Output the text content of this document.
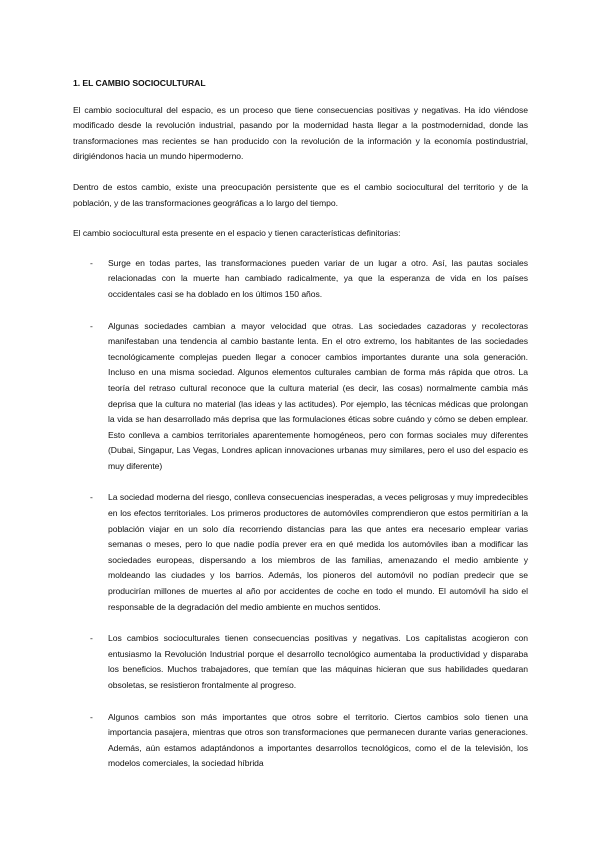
1. EL CAMBIO SOCIOCULTURAL

El cambio sociocultural del espacio, es un proceso que tiene consecuencias positivas y negativas. Ha ido viéndose modificado desde la revolución industrial, pasando por la modernidad hasta llegar a la postmodernidad, donde las transformaciones mas recientes se han producido con la revolución de la información y la economía postindustrial, dirigiéndonos hacia un mundo hipermoderno.

Dentro de estos cambio, existe una preocupación persistente que es el cambio sociocultural del territorio y de la población, y de las transformaciones geográficas a lo largo del tiempo.

El cambio sociocultural esta presente en el espacio y tienen características definitorias:

- Surge en todas partes, las transformaciones pueden variar de un lugar a otro. Así, las pautas sociales relacionadas con la muerte han cambiado radicalmente, ya que la esperanza de vida en los países occidentales casi se ha doblado en los últimos 150 años.
- Algunas sociedades cambian a mayor velocidad que otras. Las sociedades cazadoras y recolectoras manifestaban una tendencia al cambio bastante lenta. En el otro extremo, los habitantes de las sociedades tecnológicamente complejas pueden llegar a conocer cambios importantes durante una sola generación. Incluso en una misma sociedad. Algunos elementos culturales cambian de forma más rápida que otros. La teoría del retraso cultural reconoce que la cultura material (es decir, las cosas) normalmente cambia más deprisa que la cultura no material (las ideas y las actitudes). Por ejemplo, las técnicas médicas que prolongan la vida se han desarrollado más deprisa que las formulaciones éticas sobre cuándo y cómo se deben emplear. Esto conlleva a cambios territoriales aparentemente homogéneos, pero con formas sociales muy diferentes (Dubai, Singapur, Las Vegas, Londres aplican innovaciones urbanas muy similares, pero el uso del espacio es muy diferente)
- La sociedad moderna del riesgo, conlleva consecuencias inesperadas, a veces peligrosas y muy impredecibles en los efectos territoriales. Los primeros productores de automóviles comprendieron que estos permitirían a la población viajar en un solo día recorriendo distancias para las que antes era necesario emplear varias semanas o meses, pero lo que nadie podía prever era en qué medida los automóviles iban a modificar las sociedades europeas, dispersando a los miembros de las familias, amenazando el medio ambiente y moldeando las ciudades y los barrios. Además, los pioneros del automóvil no podían predecir que se producirían millones de muertes al año por accidentes de coche en todo el mundo. El automóvil ha sido el responsable de la degradación del medio ambiente en muchos sentidos.
- Los cambios socioculturales tienen consecuencias positivas y negativas. Los capitalistas acogieron con entusiasmo la Revolución Industrial porque el desarrollo tecnológico aumentaba la productividad y disparaba los beneficios. Muchos trabajadores, que temían que las máquinas hicieran que sus habilidades quedaran obsoletas, se resistieron frontalmente al progreso.
- Algunos cambios son más importantes que otros sobre el territorio. Ciertos cambios solo tienen una importancia pasajera, mientras que otros son transformaciones que permanecen durante varias generaciones. Además, aún estamos adaptándonos a importantes desarrollos tecnológicos, como el de la televisión, los modelos comerciales, la sociedad híbrida
